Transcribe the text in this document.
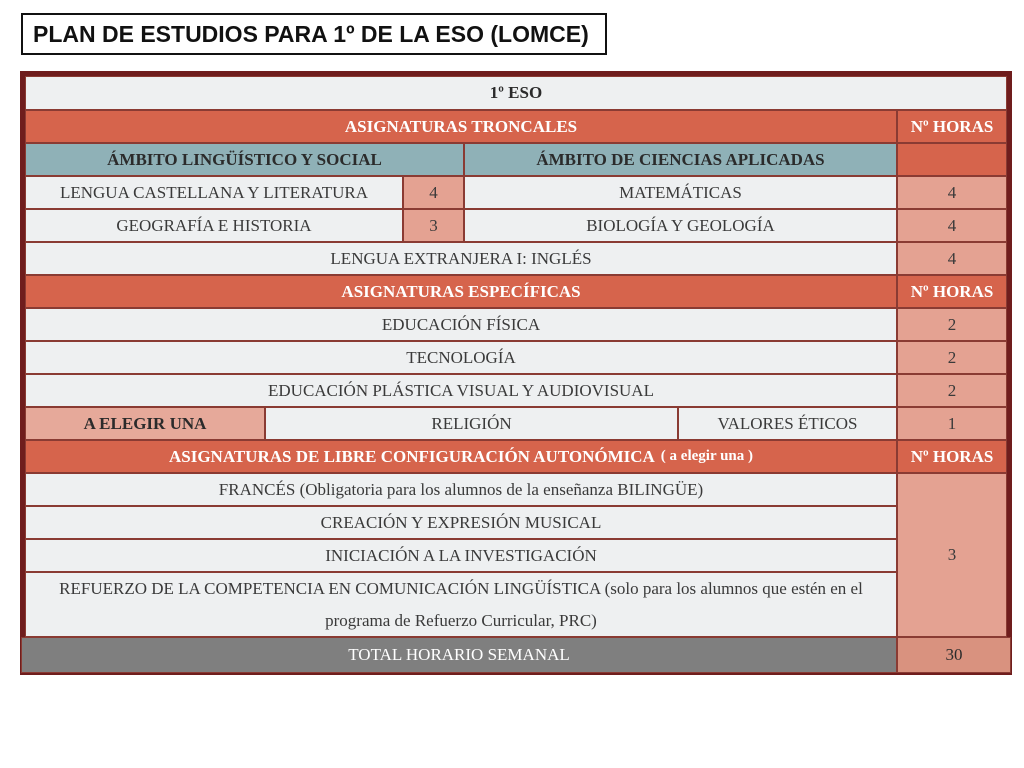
PLAN DE ESTUDIOS PARA 1º DE LA ESO (LOMCE)
1º ESO
ASIGNATURAS TRONCALES	Nº HORAS
ÁMBITO LINGÜÍSTICO Y SOCIAL	ÁMBITO DE CIENCIAS APLICADAS
LENGUA CASTELLANA Y LITERATURA	4	MATEMÁTICAS	4
GEOGRAFÍA E HISTORIA	3	BIOLOGÍA Y GEOLOGÍA	4
LENGUA EXTRANJERA I: INGLÉS	4
ASIGNATURAS ESPECÍFICAS	Nº HORAS
EDUCACIÓN FÍSICA	2
TECNOLOGÍA	2
EDUCACIÓN PLÁSTICA VISUAL Y AUDIOVISUAL	2
A ELEGIR UNA	RELIGIÓN	VALORES ÉTICOS	1
ASIGNATURAS DE LIBRE CONFIGURACIÓN AUTONÓMICA ( a elegir una )	Nº HORAS
FRANCÉS (Obligatoria para los alumnos de la enseñanza BILINGÜE)
CREACIÓN Y EXPRESIÓN MUSICAL
INICIACIÓN A LA INVESTIGACIÓN
REFUERZO DE LA COMPETENCIA EN COMUNICACIÓN LINGÜÍSTICA (solo para los alumnos que estén en el programa de Refuerzo Curricular, PRC)
3
TOTAL HORARIO SEMANAL	30
